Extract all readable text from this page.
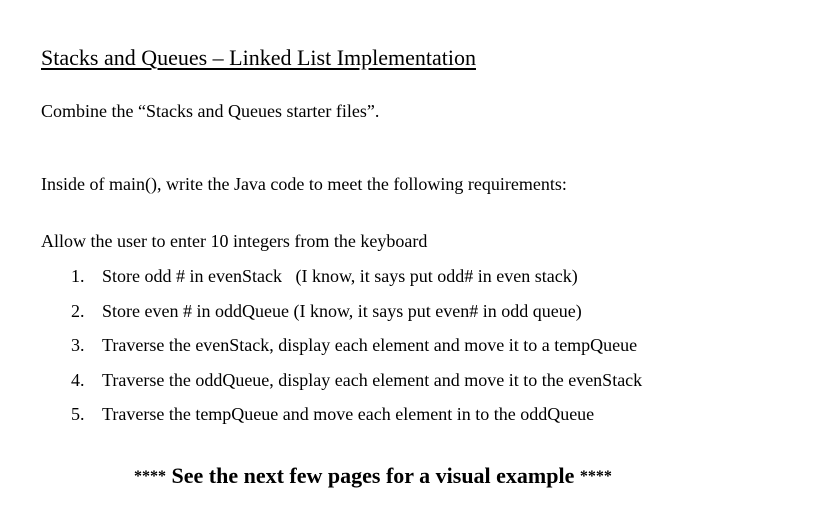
Stacks and Queues – Linked List Implementation
Combine the “Stacks and Queues starter files”.
Inside of main(), write the Java code to meet the following requirements:
Allow the user to enter 10 integers from the keyboard
1. Store odd # in evenStack   (I know, it says put odd# in even stack)
2. Store even # in oddQueue (I know, it says put even# in odd queue)
3. Traverse the evenStack, display each element and move it to a tempQueue
4. Traverse the oddQueue, display each element and move it to the evenStack
5. Traverse the tempQueue and move each element in to the oddQueue
**** See the next few pages for a visual example ****
